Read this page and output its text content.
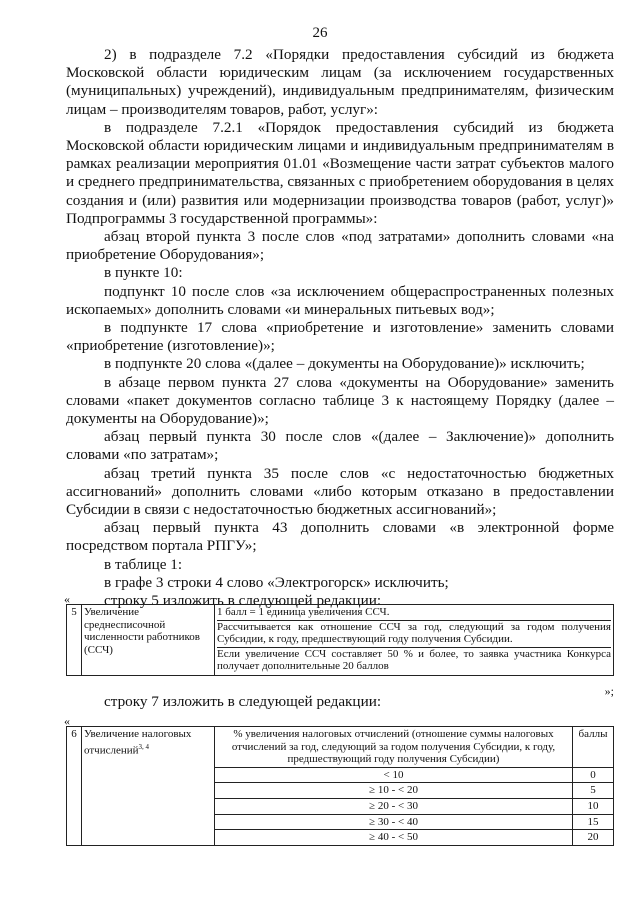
26

2) в подразделе 7.2 «Порядки предоставления субсидий из бюджета Московской области юридическим лицам (за исключением государственных (муниципальных) учреждений), индивидуальным предпринимателям, физическим лицам – производителям товаров, работ, услуг»:

в подразделе 7.2.1 «Порядок предоставления субсидий из бюджета Московской области юридическим лицами и индивидуальным предпринимателям в рамках реализации мероприятия 01.01 «Возмещение части затрат субъектов малого и среднего предпринимательства, связанных с приобретением оборудования в целях создания и (или) развития или модернизации производства товаров (работ, услуг)» Подпрограммы 3 государственной программы»:

абзац второй пункта 3 после слов «под затратами» дополнить словами «на приобретение Оборудования»;

в пункте 10:

подпункт 10 после слов «за исключением общераспространенных полезных ископаемых» дополнить словами «и минеральных питьевых вод»;

в подпункте 17 слова «приобретение и изготовление» заменить словами «приобретение (изготовление)»;

в подпункте 20 слова «(далее – документы на Оборудование)» исключить;

в абзаце первом пункта 27 слова «документы на Оборудование» заменить словами «пакет документов согласно таблице 3 к настоящему Порядку (далее – документы на Оборудование)»;

абзац первый пункта 30 после слов «(далее – Заключение)» дополнить словами «по затратам»;

абзац третий пункта 35 после слов «с недостаточностью бюджетных ассигнований» дополнить словами «либо которым отказано в предоставлении Субсидии в связи с недостаточностью бюджетных ассигнований»;

абзац первый пункта 43 дополнить словами «в электронной форме посредством портала РПГУ»;

в таблице 1:

в графе 3 строки 4 слово «Электрогорск» исключить;

строку 5 изложить в следующей редакции:

«
5	Увеличение среднесписочной численности работников (ССЧ)	
1 балл = 1 единица увеличения ССЧ.
Рассчитывается как отношение ССЧ за год, следующий за годом получения Субсидии, к году, предшествующий году получения Субсидии.
Если увеличение ССЧ составляет 50 % и более, то заявка участника Конкурса получает дополнительные 20 баллов
»;
строку 7 изложить в следующей редакции:
«
6	Увеличение налоговых отчислений$^{3, 4}$	% увеличения налоговых отчислений (отношение суммы налоговых отчислений за год, следующий за годом получения Субсидии, к году, предшествующий году получения Субсидии)	баллы
		< 10	0
		≥ 10 - < 20	5
		≥ 20 - < 30	10
		≥ 30 - < 40	15
		≥ 40 - < 50	20
